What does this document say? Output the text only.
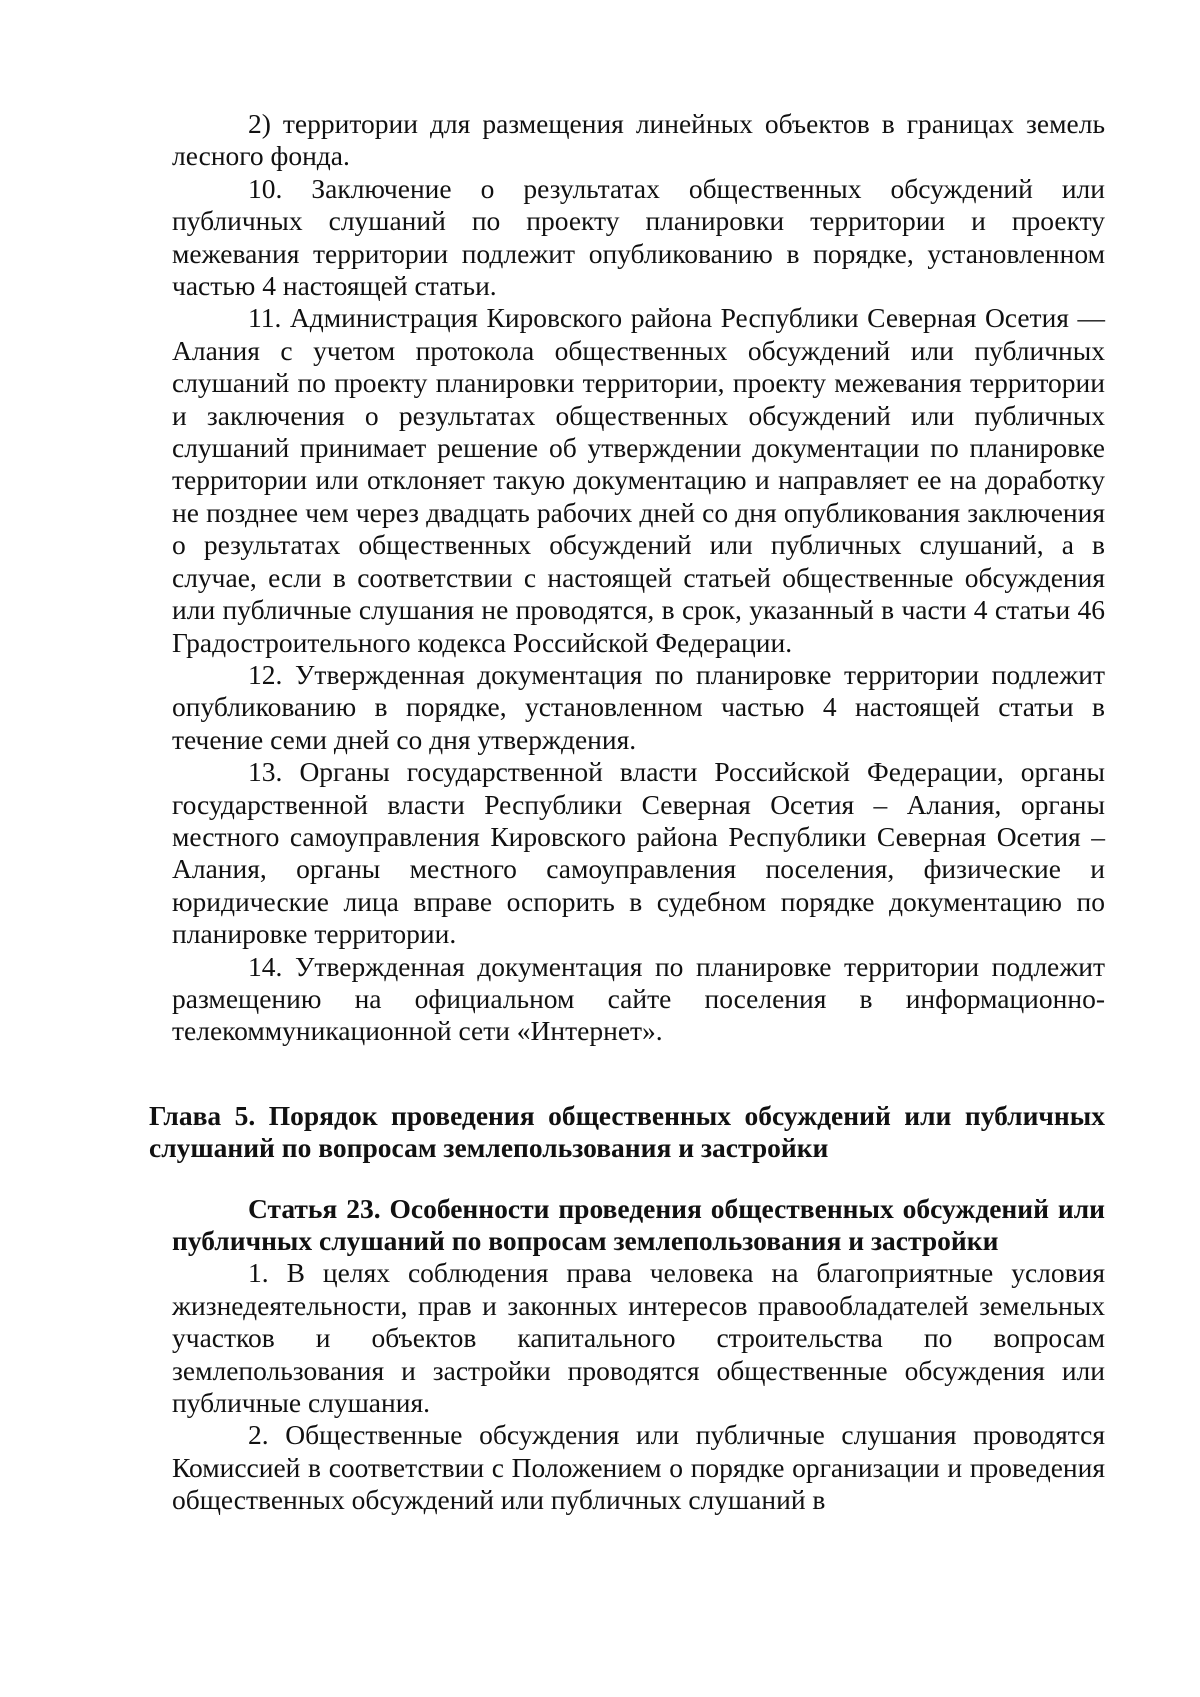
2) территории для размещения линейных объектов в границах земель лесного фонда.

10. Заключение о результатах общественных обсуждений или публичных слушаний по проекту планировки территории и проекту межевания территории подлежит опубликованию в порядке, установленном частью 4 настоящей статьи.

11. Администрация Кировского района Республики Северная Осетия — Алания с учетом протокола общественных обсуждений или публичных слушаний по проекту планировки территории, проекту межевания территории и заключения о результатах общественных обсуждений или публичных слушаний принимает решение об утверждении документации по планировке территории или отклоняет такую документацию и направляет ее на доработку не позднее чем через двадцать рабочих дней со дня опубликования заключения о результатах общественных обсуждений или публичных слушаний, а в случае, если в соответствии с настоящей статьей общественные обсуждения или публичные слушания не проводятся, в срок, указанный в части 4 статьи 46 Градостроительного кодекса Российской Федерации.

12. Утвержденная документация по планировке территории подлежит опубликованию в порядке, установленном частью 4 настоящей статьи в течение семи дней со дня утверждения.

13. Органы государственной власти Российской Федерации, органы государственной власти Республики Северная Осетия – Алания, органы местного самоуправления Кировского района Республики Северная Осетия – Алания, органы местного самоуправления поселения, физические и юридические лица вправе оспорить в судебном порядке документацию по планировке территории.

14. Утвержденная документация по планировке территории подлежит размещению на официальном сайте поселения в информационно-телекоммуникационной сети «Интернет».

Глава 5. Порядок проведения общественных обсуждений или публичных слушаний по вопросам землепользования и застройки
Статья 23. Особенности проведения общественных обсуждений или публичных слушаний по вопросам землепользования и застройки

1. В целях соблюдения права человека на благоприятные условия жизнедеятельности, прав и законных интересов правообладателей земельных участков и объектов капитального строительства по вопросам землепользования и застройки проводятся общественные обсуждения или публичные слушания.

2. Общественные обсуждения или публичные слушания проводятся Комиссией в соответствии с Положением о порядке организации и проведения общественных обсуждений или публичных слушаний в
